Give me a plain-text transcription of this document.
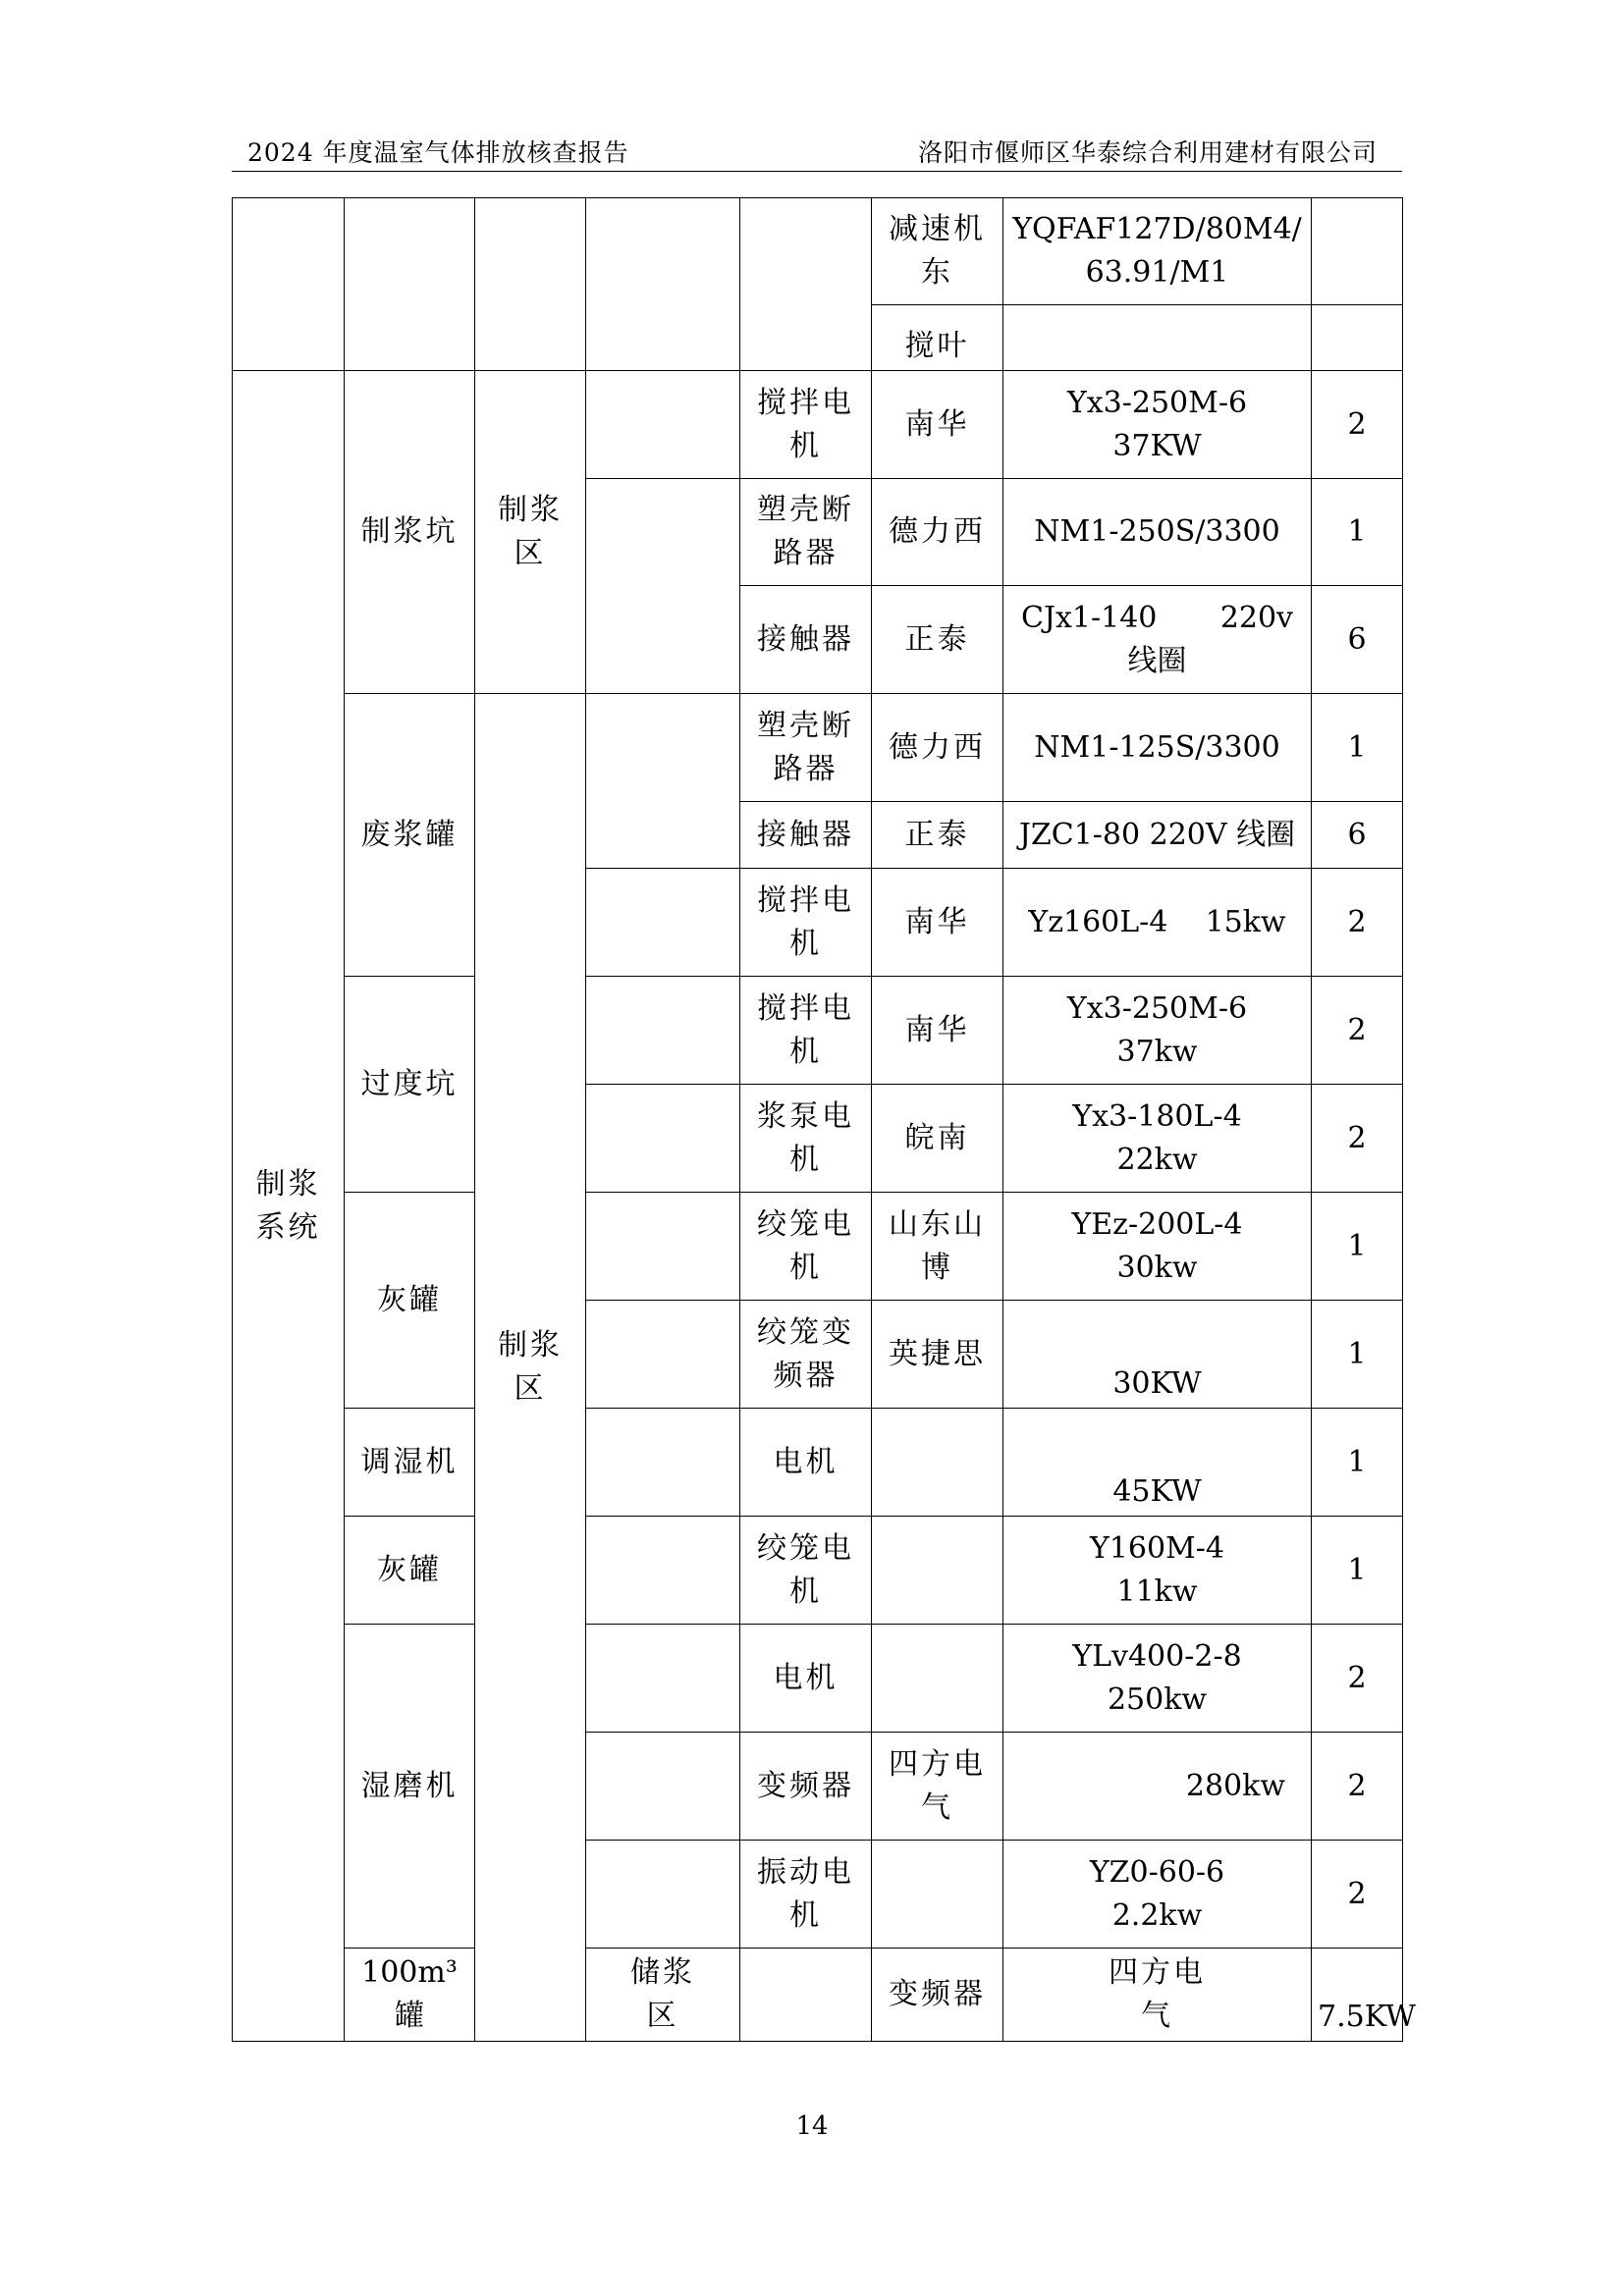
2024 年度温室气体排放核查报告	洛阳市偃师区华泰综合利用建材有限公司
					减速机
东	YQFAF127D/80M4/
63.91/M1		
					搅叶			

制浆系统	制浆坑	制浆区		搅拌电机	南华	Yx3-250M-6
37KW	2	

				塑壳断路器	德力西	NM1-250S/3300	1	
				接触器	正泰	CJx1-140 220v
线圈	6	
	废浆罐	制浆区		塑壳断路器	德力西	NM1-125S/3300	1	
				接触器	正泰	JZC1-80 220V 线圈	6	

				搅拌电机	南华	Yz160L-4 15kw	2	
	过度坑			搅拌电机	南华	Yx3-250M-6
37kw	2	

				浆泵电机	皖南	Yx3-180L-4
22kw	2	
	灰罐			绞笼电机	山东山博	YEz-200L-4
30kw	1	

				绞笼变频器	英捷思	30KW	1	
	调湿机			电机		45KW	1	
	灰罐			绞笼电机		Y160M-4
11kw	1	
	湿磨机			电机		YLv400-2-8
250kw	2	
				变频器	四方电气	280kw	2	

				振动电机		YZ0-60-6
2.2kw	2	

	100m³罐		储浆区		变频器	四方电气	7.5KW	
14
